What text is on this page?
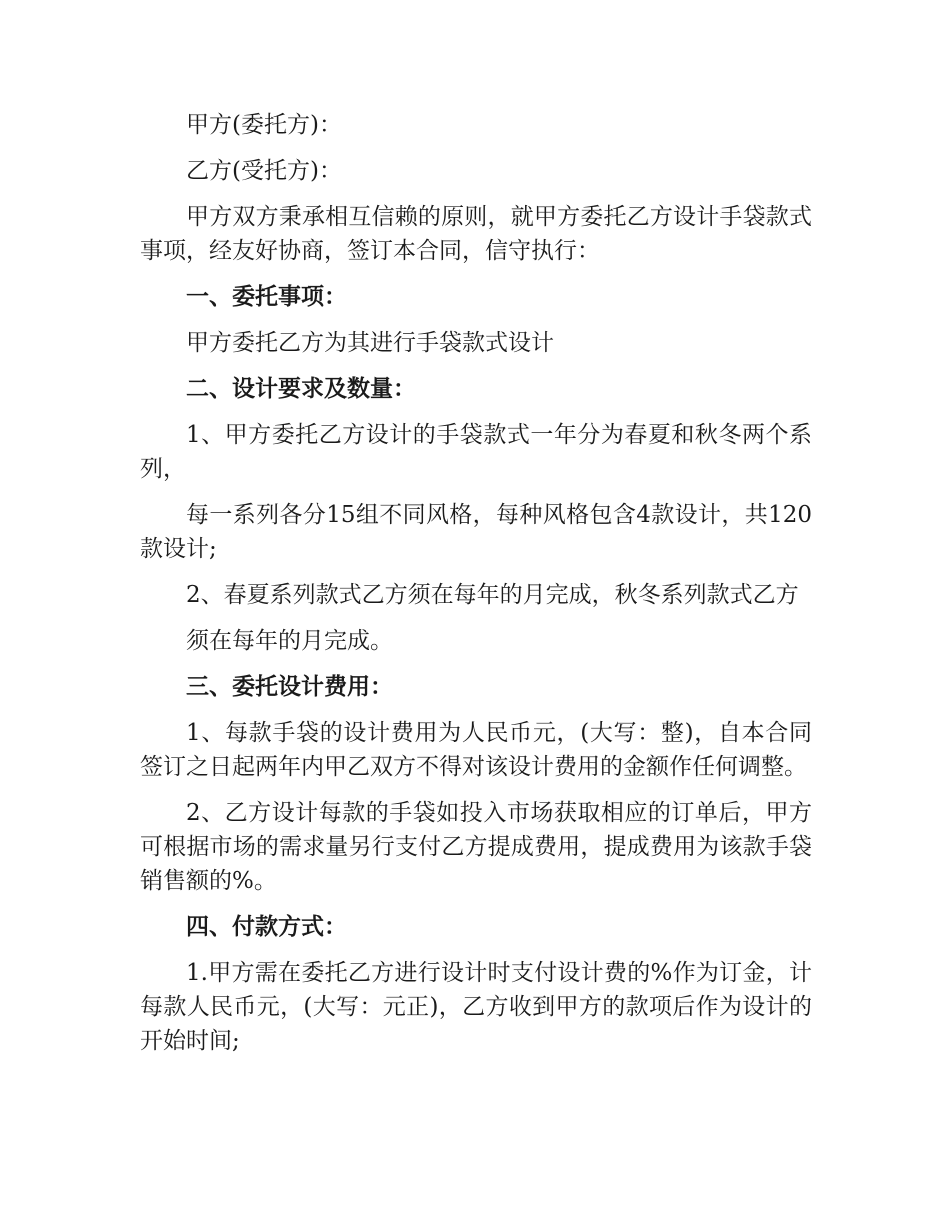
甲方(委托方)：

乙方(受托方)：

甲方双方秉承相互信赖的原则，就甲方委托乙方设计手袋款式事项，经友好协商，签订本合同，信守执行：

一、委托事项：

甲方委托乙方为其进行手袋款式设计

二、设计要求及数量：

1、甲方委托乙方设计的手袋款式一年分为春夏和秋冬两个系列，

每一系列各分15组不同风格，每种风格包含4款设计，共120款设计;

2、春夏系列款式乙方须在每年的月完成，秋冬系列款式乙方

须在每年的月完成。

三、委托设计费用：

1、每款手袋的设计费用为人民币元，(大写：整)，自本合同签订之日起两年内甲乙双方不得对该设计费用的金额作任何调整。

2、乙方设计每款的手袋如投入市场获取相应的订单后，甲方可根据市场的需求量另行支付乙方提成费用，提成费用为该款手袋销售额的%。

四、付款方式：

1.甲方需在委托乙方进行设计时支付设计费的%作为订金，计每款人民币元，(大写：元正)，乙方收到甲方的款项后作为设计的开始时间;
